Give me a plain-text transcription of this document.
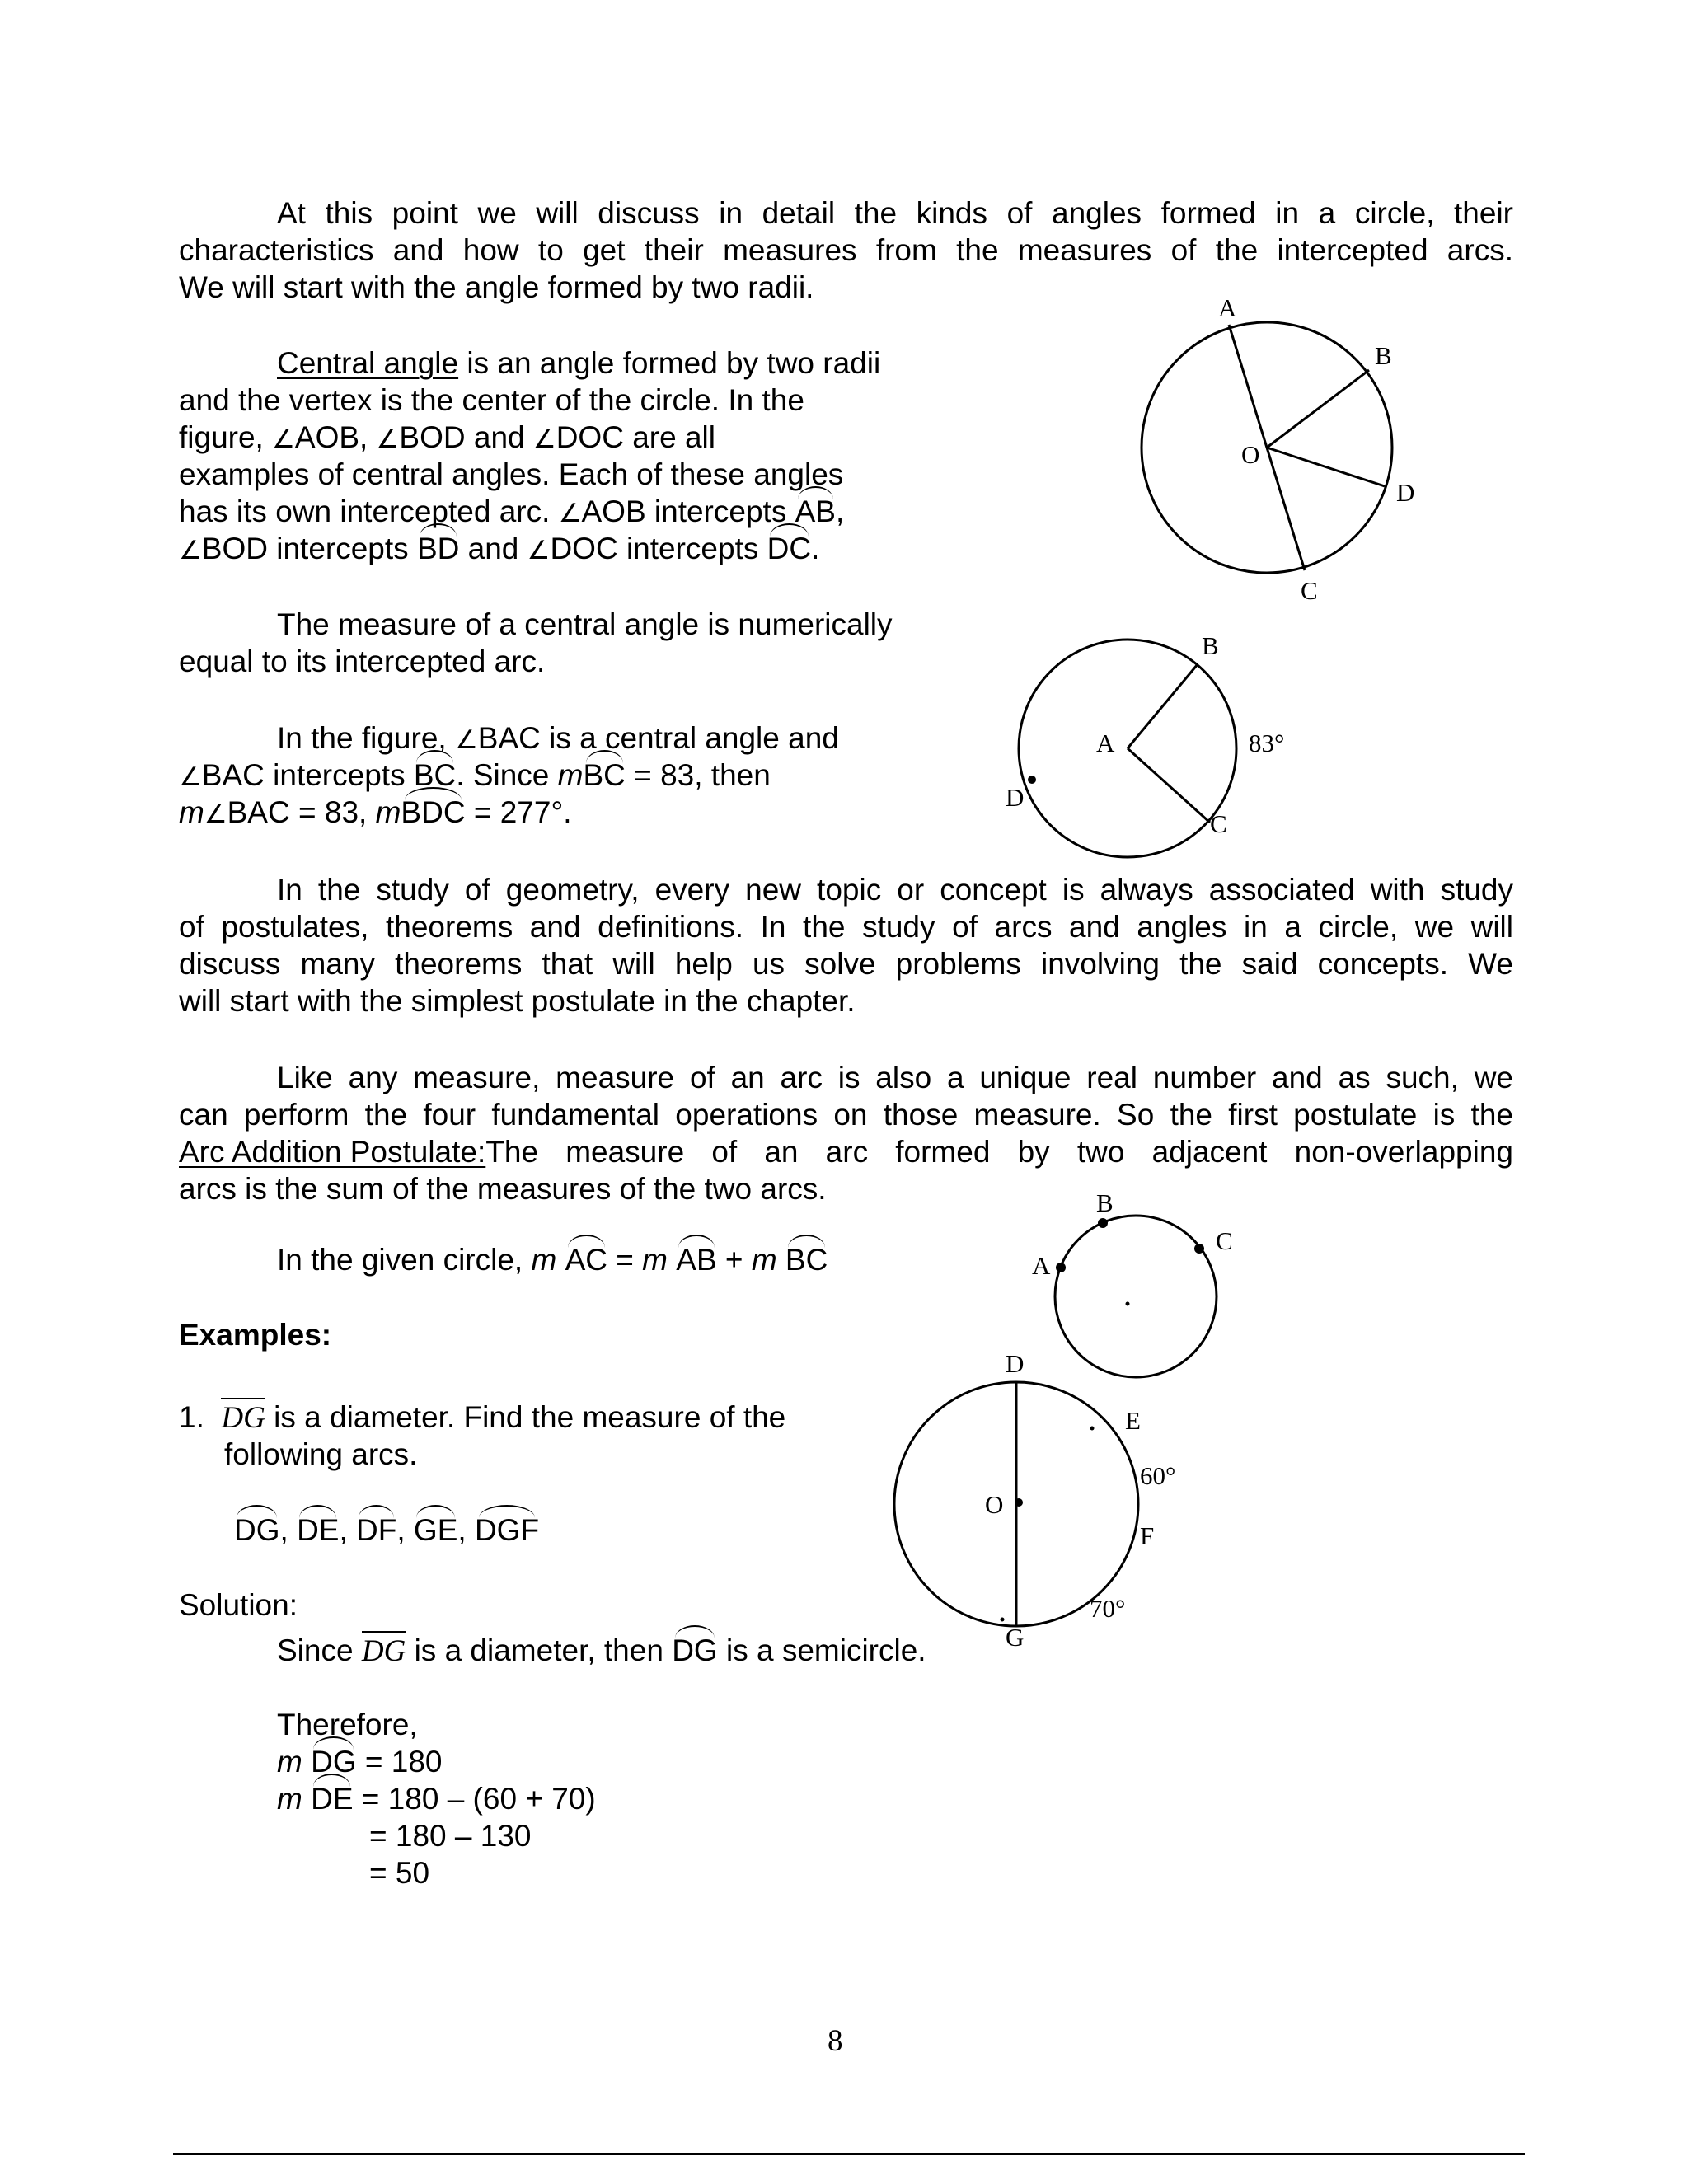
At this point we will discuss in detail the kinds of angles formed in a circle, their
characteristics and how to get their measures from the measures of the intercepted arcs.
We will start with the angle formed by two radii.
Central angle is an angle formed by two radii
and the vertex is the center of the circle. In the
figure, ∠AOB, ∠BOD and ∠DOC are all
examples of central angles. Each of these angles
has its own intercepted arc. ∠AOB intercepts AB,
∠BOD intercepts BD and ∠DOC intercepts DC.
The measure of a central angle is numerically
equal to its intercepted arc.
In the figure, ∠BAC is a central angle and
∠BAC intercepts BC. Since mBC = 83, then
m∠BAC = 83, mBDC = 277°.
In the study of geometry, every new topic or concept is always associated with study
of postulates, theorems and definitions. In the study of arcs and angles in a circle, we will
discuss many theorems that will help us solve problems involving the said concepts. We
will start with the simplest postulate in the chapter.
Like any measure, measure of an arc is also a unique real number and as such, we
can perform the four fundamental operations on those measure. So the first postulate is the
Arc Addition Postulate: The measure of an arc formed by two adjacent non-overlapping
arcs is the sum of the measures of the two arcs.
In the given circle, m AC = m AB + m BC
Examples:
1. DG is a diameter. Find the measure of the
following arcs.
DG, DE, DF, GE, DGF
Solution:
Since DG is a diameter, then DG is a semicircle.
Therefore,
m DG = 180
m DE = 180 – (60 + 70)
= 180 – 130
= 50
A
B
O
D
C
B
A	83°
D
C
A
B
C
D
E
O
60°
F
70°
G
8
